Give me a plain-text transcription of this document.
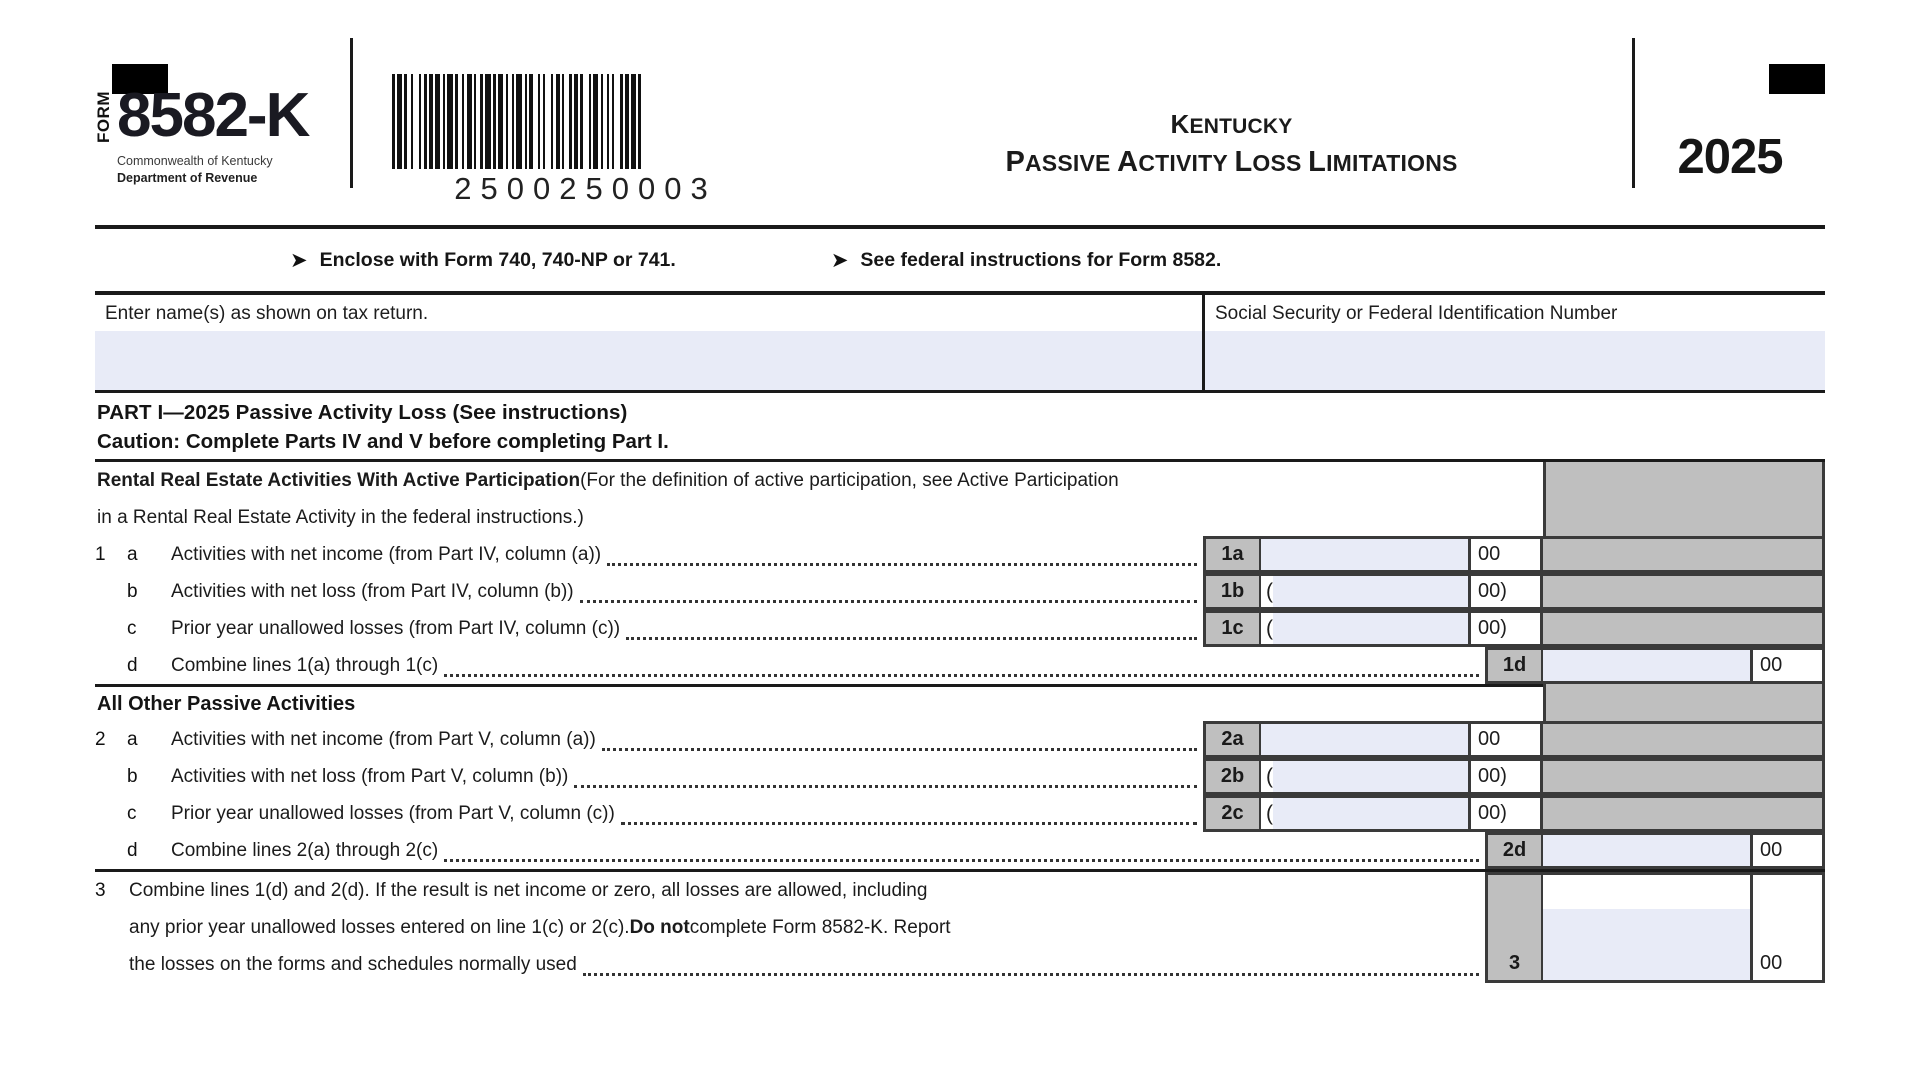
FORM 8582-K
Commonwealth of Kentucky
Department of Revenue	2500250003
KENTUCKY
PASSIVE ACTIVITY LOSS LIMITATIONS	2025
➤ Enclose with Form 740, 740-NP or 741.	➤ See federal instructions for Form 8582.
Enter name(s) as shown on tax return.	Social Security or Federal Identification Number
PART I—2025 Passive Activity Loss (See instructions)
Caution: Complete Parts IV and V before completing Part I.
Rental Real Estate Activities With Active Participation (For the definition of active participation, see Active Participation
in a Rental Real Estate Activity in the federal instructions.)
1	a	Activities with net income (from Part IV, column (a))	1a	00
b	Activities with net loss (from Part IV, column (b))	1b	(	00)
c	Prior year unallowed losses (from Part IV, column (c))	1c	(	00)
d	Combine lines 1(a) through 1(c)	1d	00
All Other Passive Activities
2	a	Activities with net income (from Part V, column (a))	2a	00
b	Activities with net loss (from Part V, column (b))	2b	(	00)
c	Prior year unallowed losses (from Part V, column (c))	2c	(	00)
d	Combine lines 2(a) through 2(c)	2d	00
3	Combine lines 1(d) and 2(d). If the result is net income or zero, all losses are allowed, including
any prior year unallowed losses entered on line 1(c) or 2(c). Do not complete Form 8582-K. Report
the losses on the forms and schedules normally used	3	00
